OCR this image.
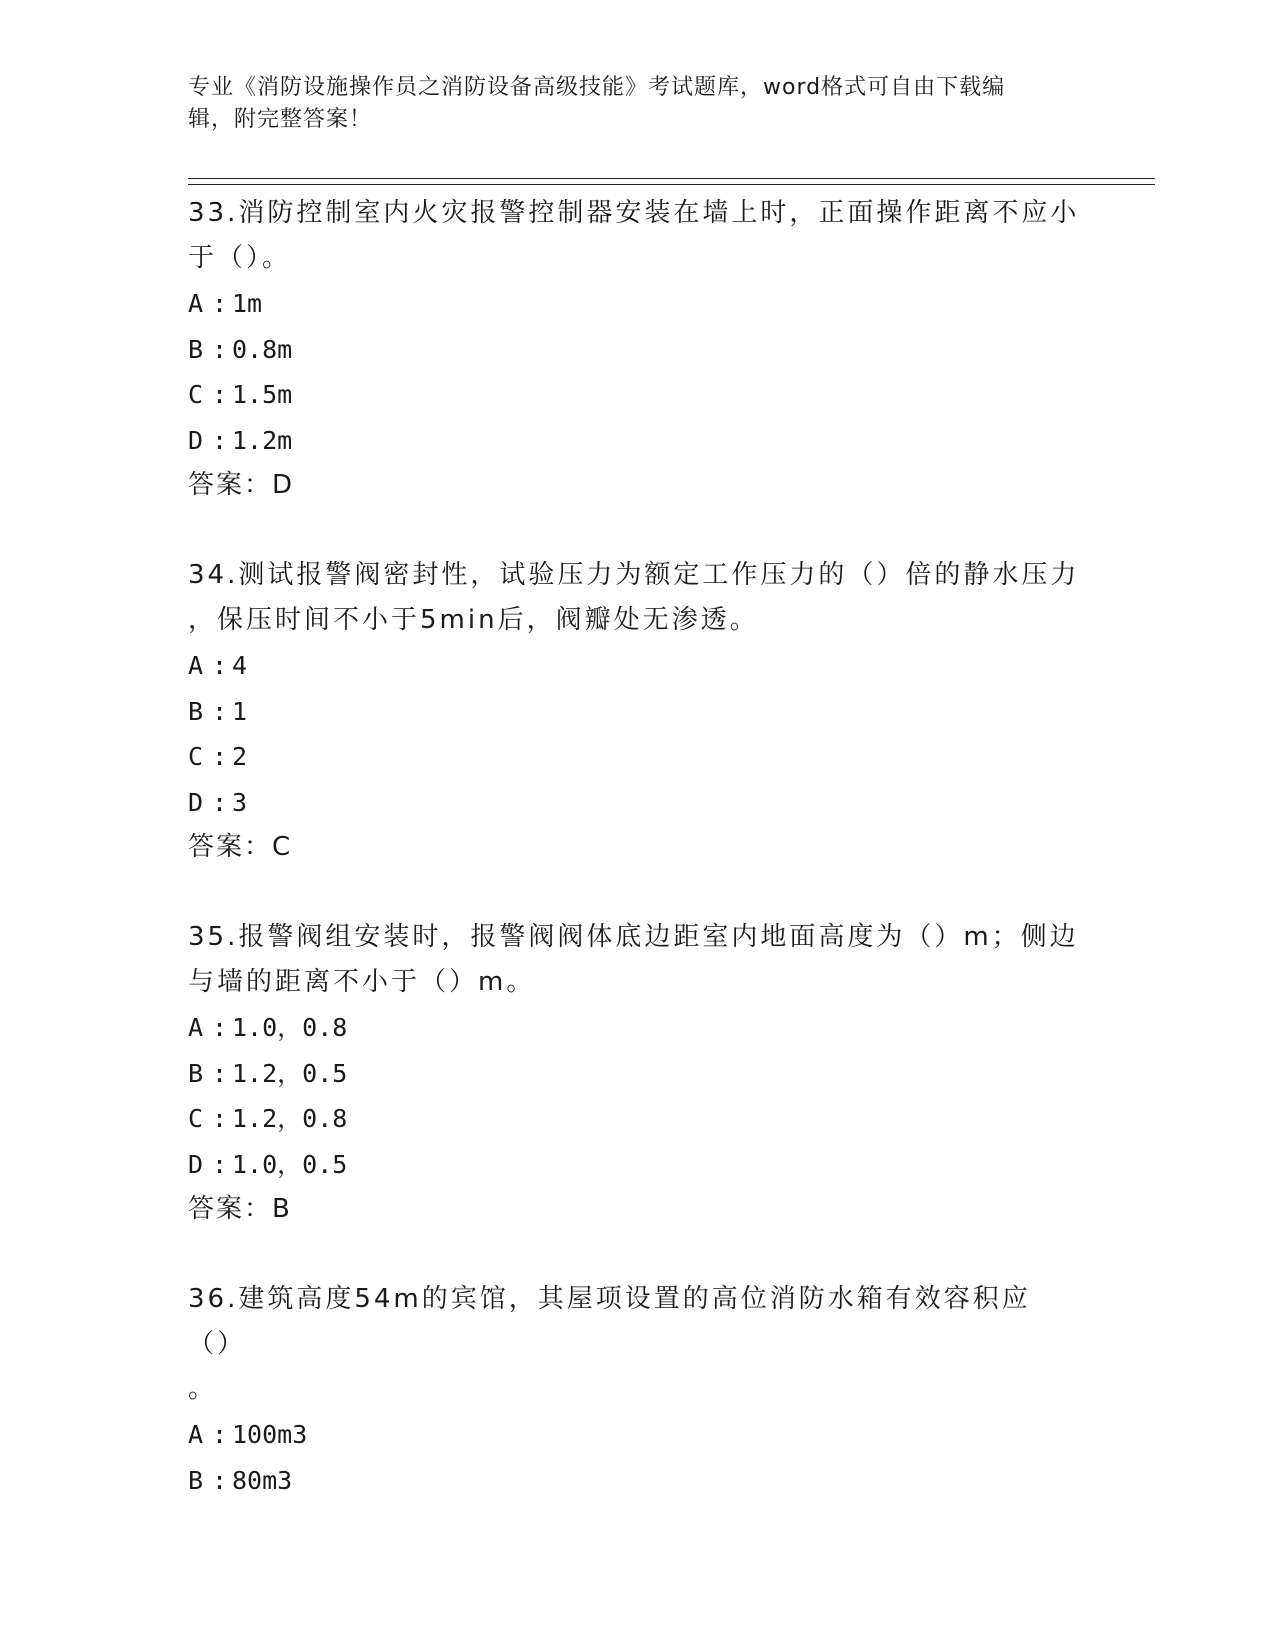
专业《消防设施操作员之消防设备高级技能》考试题库，word格式可自由下载编
辑，附完整答案！

33.消防控制室内火灾报警控制器安装在墙上时，正面操作距离不应小
于（）。

A : 1m

B : 0.8m

C : 1.5m

D : 1.2m

答案：D

34.测试报警阀密封性，试验压力为额定工作压力的（）倍的静水压力
，保压时间不小于5min后，阀瓣处无渗透。

A : 4

B : 1

C : 2

D : 3

答案：C

35.报警阀组安装时，报警阀阀体底边距室内地面高度为（）m；侧边
与墙的距离不小于（）m。

A : 1.0，0.8

B : 1.2，0.5

C : 1.2，0.8

D : 1.0，0.5

答案：B

36.建筑高度54m的宾馆，其屋项设置的高位消防水箱有效容积应（）
。

A : 100m3

B : 80m3
